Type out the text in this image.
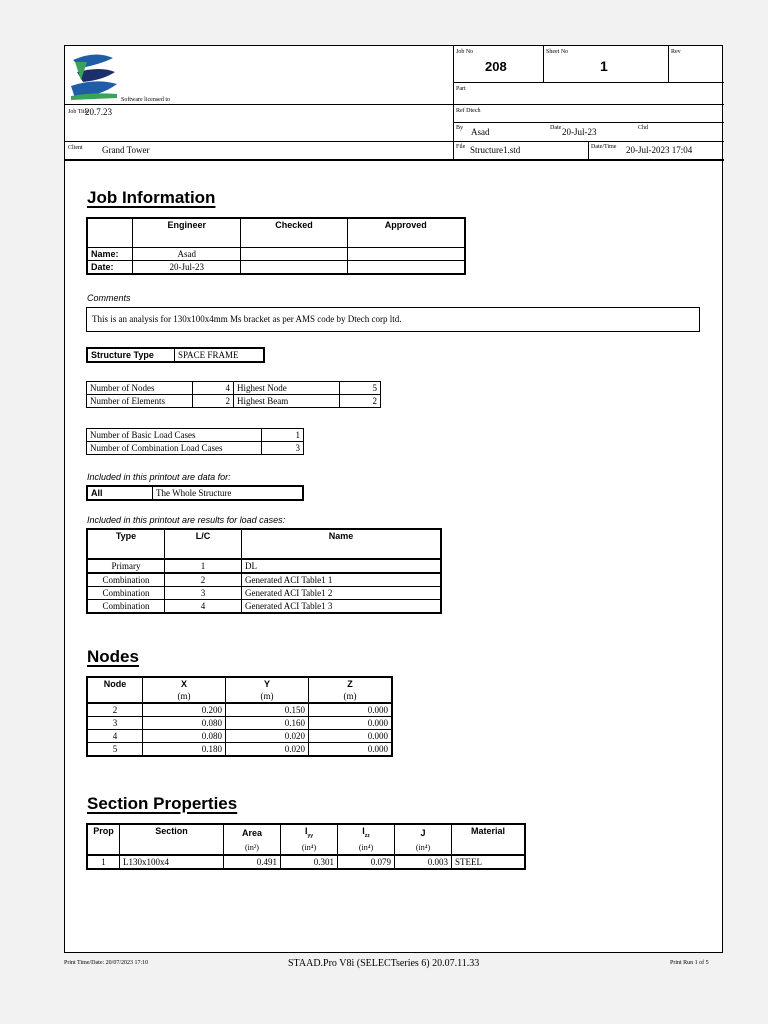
Software licensed to
Job No
208
Sheet No
1
Rev
Part
Job Title
20.7.23	Ref Dtech
By Asad	Date 20-Jul-23	Chd
Client Grand Tower	File Structure1.std	Date/Time 20-Jul-2023 17:04
Job Information
	Engineer	Checked	Approved
Name:	Asad		
Date:	20-Jul-23		
Comments
This is an analysis for 130x100x4mm Ms bracket as per AMS code by Dtech corp ltd.
Structure Type	SPACE FRAME
Number of Nodes	4	Highest Node	5
Number of Elements	2	Highest Beam	2
Number of Basic Load Cases	1
Number of Combination Load Cases	3
Included in this printout are data for:
All	The Whole Structure
Included in this printout are results for load cases:
Type	L/C	Name
Primary	1	DL
Combination	2	Generated ACI Table1 1
Combination	3	Generated ACI Table1 2
Combination	4	Generated ACI Table1 3
Nodes
Node	X	Y	Z
	(m)	(m)	(m)
2	0.200	0.150	0.000
3	0.080	0.160	0.000
4	0.080	0.020	0.000
5	0.180	0.020	0.000
Section Properties
Prop	Section	Area	$I_{yy}$	$I_{zz}$	J	Material
		(in²)	(in⁴)	(in⁴)	(in⁴)	
1	L130x100x4	0.491	0.301	0.079	0.003	STEEL
Print Time/Date: 20/07/2023 17:10	STAAD.Pro V8i (SELECTseries 6) 20.07.11.33	Print Run 1 of 5
